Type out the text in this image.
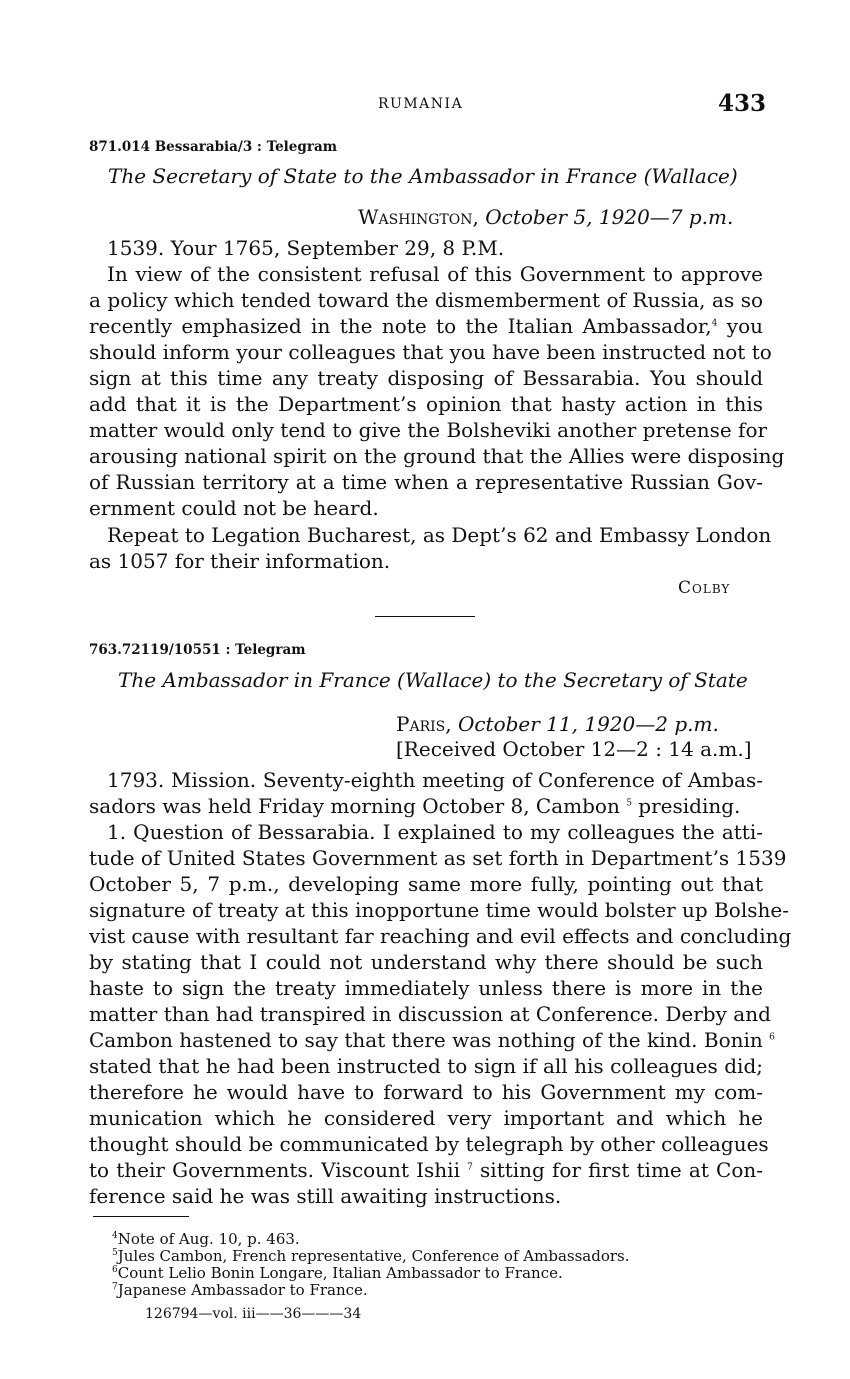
RUMANIA	433
871.014 Bessarabia/3 : Telegram
The Secretary of State to the Ambassador in France (Wallace)
Washington, October 5, 1920—7 p.m.
1539. Your 1765, September 29, 8 P.M.
In view of the consistent refusal of this Government to approve
a policy which tended toward the dismemberment of Russia, as so
recently emphasized in the note to the Italian Ambassador,$^4$ you
should inform your colleagues that you have been instructed not to
sign at this time any treaty disposing of Bessarabia. You should
add that it is the Department’s opinion that hasty action in this
matter would only tend to give the Bolsheviki another pretense for
arousing national spirit on the ground that the Allies were disposing
of Russian territory at a time when a representative Russian Gov-
ernment could not be heard.
Repeat to Legation Bucharest, as Dept’s 62 and Embassy London
as 1057 for their information.
Colby
763.72119/10551 : Telegram
The Ambassador in France (Wallace) to the Secretary of State
Paris, October 11, 1920—2 p.m.
[Received October 12—2 : 14 a.m.]
1793. Mission. Seventy-eighth meeting of Conference of Ambas-
sadors was held Friday morning October 8, Cambon $^5$ presiding.
1. Question of Bessarabia. I explained to my colleagues the atti-
tude of United States Government as set forth in Department’s 1539
October 5, 7 p.m., developing same more fully, pointing out that
signature of treaty at this inopportune time would bolster up Bolshe-
vist cause with resultant far reaching and evil effects and concluding
by stating that I could not understand why there should be such
haste to sign the treaty immediately unless there is more in the
matter than had transpired in discussion at Conference. Derby and
Cambon hastened to say that there was nothing of the kind. Bonin $^6$
stated that he had been instructed to sign if all his colleagues did;
therefore he would have to forward to his Government my com-
munication which he considered very important and which he
thought should be communicated by telegraph by other colleagues
to their Governments. Viscount Ishii $^7$ sitting for first time at Con-
ference said he was still awaiting instructions.
$^4$Note of Aug. 10, p. 463.
$^5$Jules Cambon, French representative, Conference of Ambassadors.
$^6$Count Lelio Bonin Longare, Italian Ambassador to France.
$^7$Japanese Ambassador to France.
126794—vol. iii——36———34
